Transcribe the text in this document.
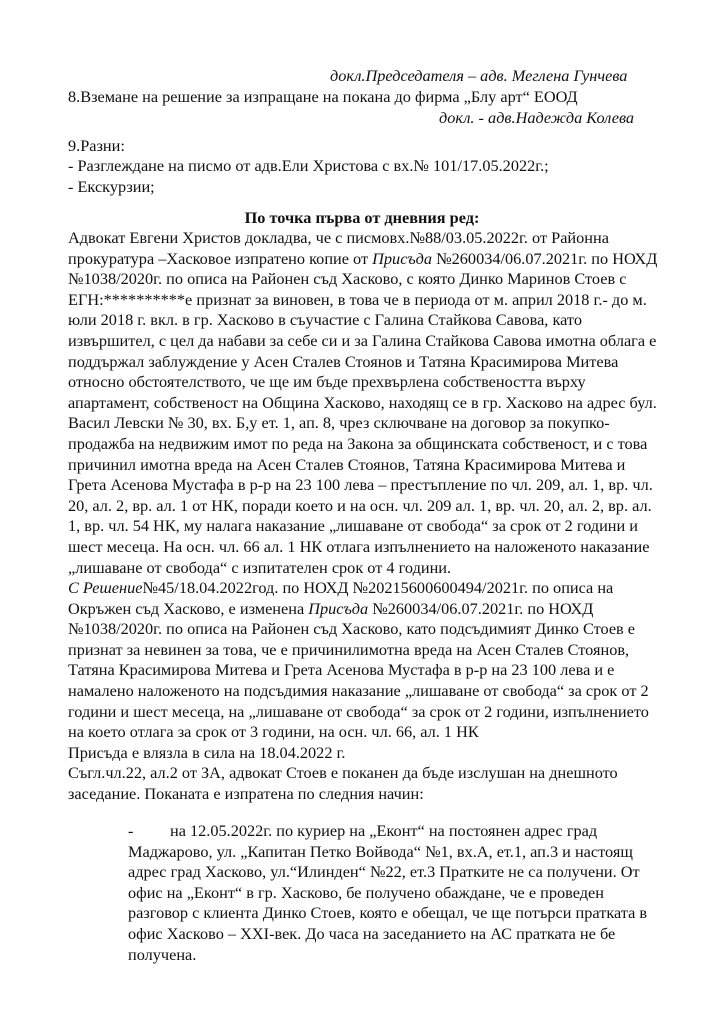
докл.Председателя – адв. Меглена Гунчева
8.Вземане на решение за изпращане на покана до фирма „Блу арт“ ЕООД
докл. - адв.Надежда Колева
9.Разни:
- Разглеждане на писмо от адв.Ели Христова с вх.№ 101/17.05.2022г.;
- Екскурзии;
По точка първа от дневния ред:

Адвокат Евгени Христов докладва, че с писмовх.№88/03.05.2022г. от Районна прокуратура –Хасковое изпратено копие от Присъда №260034/06.07.2021г. по НОХД №1038/2020г. по описа на Районен съд Хасково, с която Динко Маринов Стоев с ЕГН:**********е признат за виновен, в това че в периода от м. април 2018 г.- до м. юли 2018 г. вкл. в гр. Хасково в съучастие с Галина Стайкова Савова, като извършител, с цел да набави за себе си и за Галина Стайкова Савова имотна облага е поддържал заблуждение у Асен Сталев Стоянов и Татяна Красимирова Митева относно обстоятелството, че ще им бъде прехвърлена собствеността върху апартамент, собственост на Община Хасково, находящ се в гр. Хасково на адрес бул. Васил Левски № 30, вх. Б,у ет. 1, ап. 8, чрез сключване на договор за покупко-продажба на недвижим имот по реда на Закона за общинската собственост, и с това причинил имотна вреда на Асен Сталев Стоянов, Татяна Красимирова Митева и Грета Асенова Мустафа в р-р на 23 100 лева – престъпление по чл. 209, ал. 1, вр. чл. 20, ал. 2, вр. ал. 1 от НК, поради което и на осн. чл. 209 ал. 1, вр. чл. 20, ал. 2, вр. ал. 1, вр. чл. 54 НК, му налага наказание „лишаване от свобода“ за срок от 2 години и шест месеца. На осн. чл. 66 ал. 1 НК отлага изпълнението на наложеното наказание „лишаване от свобода“ с изпитателен срок от 4 години.

С Решение№45/18.04.2022год. по НОХД №20215600600494/2021г. по описа на Окръжен съд Хасково, е изменена Присъда №260034/06.07.2021г. по НОХД №1038/2020г. по описа на Районен съд Хасково, като подсъдимият Динко Стоев е признат за невинен за това, че е причинилимотна вреда на Асен Сталев Стоянов, Татяна Красимирова Митева и Грета Асенова Мустафа в р-р на 23 100 лева и е намалено наложеното на подсъдимия наказание „лишаване от свобода“ за срок от 2 години и шест месеца, на „лишаване от свобода“ за срок от 2 години, изпълнението на което отлага за срок от 3 години, на осн. чл. 66, ал. 1 НК

Присъда е влязла в сила на 18.04.2022 г.

Съгл.чл.22, ал.2 от ЗА, адвокат Стоев е поканен да бъде изслушан на днешното заседание. Поканата е изпратена по следния начин:

-	на 12.05.2022г. по куриер на „Еконт“ на постоянен адрес град Маджарово, ул. „Капитан Петко Войвода“ №1, вх.А, ет.1, ап.3 и настоящ адрес град Хасково, ул.“Илинден“ №22, ет.3 Пратките не са получени. От офис на „Еконт“ в гр. Хасково, бе получено обаждане, че е проведен разговор с клиента Динко Стоев, която е обещал, че ще потърси пратката в офис Хасково – XXI-век. До часа на заседанието на АС пратката не бе получена.
